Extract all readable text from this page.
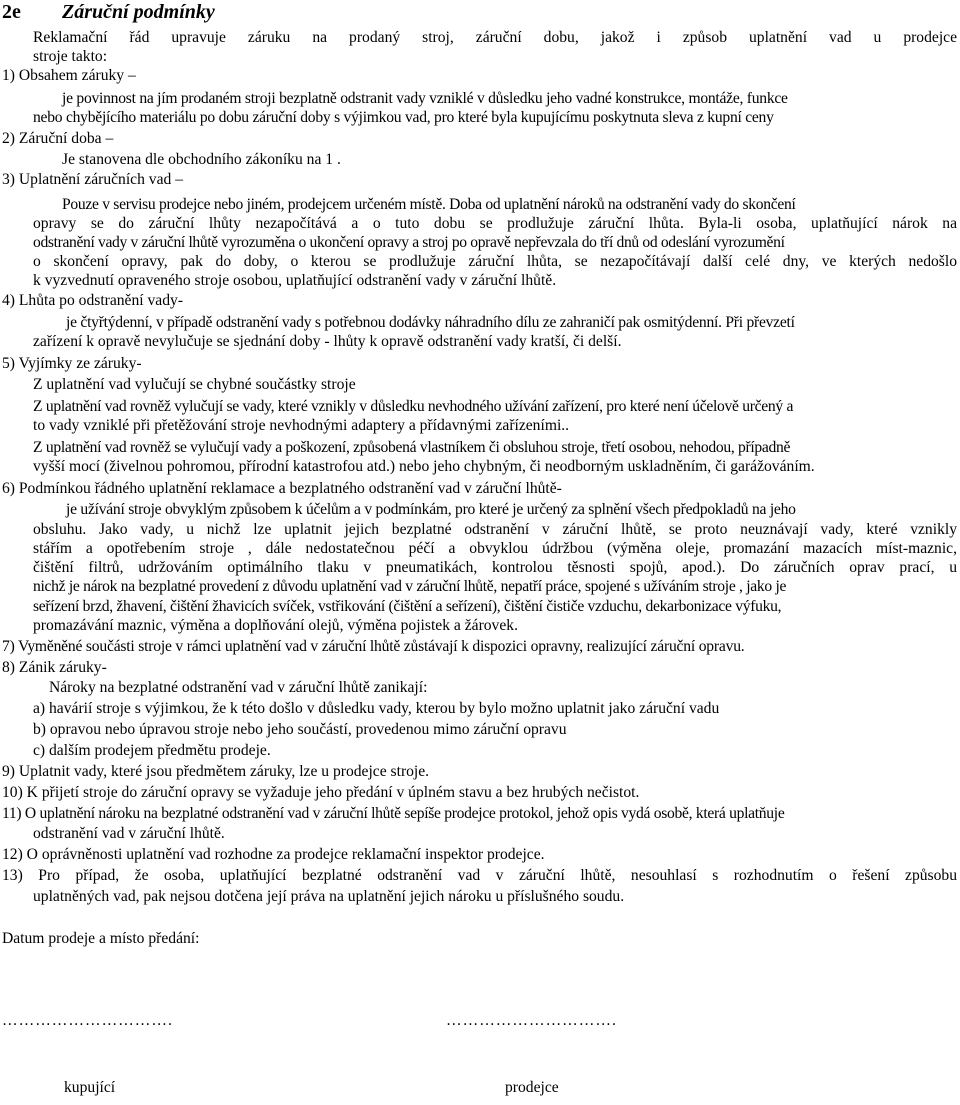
2e Záruční podmínky
Reklamační řád upravuje záruku na prodaný stroj, záruční dobu, jakož i způsob uplatnění vad u prodejce
stroje takto:
1) Obsahem záruky –
je povinnost na jím prodaném stroji bezplatně odstranit vady vzniklé v důsledku jeho vadné konstrukce, montáže, funkce
nebo chybějícího materiálu po dobu záruční doby s výjimkou vad, pro které byla kupujícímu poskytnuta sleva z kupní ceny
2) Záruční doba –
Je stanovena dle obchodního zákoníku na 1 .
3) Uplatnění záručních vad –
Pouze v servisu prodejce nebo jiném, prodejcem určeném místě. Doba od uplatnění nároků na odstranění vady do skončení
opravy se do záruční lhůty nezapočítává a o tuto dobu se prodlužuje záruční lhůta. Byla-li osoba, uplatňující nárok na
odstranění vady v záruční lhůtě vyrozuměna o ukončení opravy a stroj po opravě nepřevzala do tří dnů od odeslání vyrozumění
o skončení opravy, pak do doby, o kterou se prodlužuje záruční lhůta, se nezapočítávají další celé dny, ve kterých nedošlo
k vyzvednutí opraveného stroje osobou, uplatňující odstranění vady v záruční lhůtě.
4) Lhůta po odstranění vady-
je čtyřtýdenní, v případě odstranění vady s potřebnou dodávky náhradního dílu ze zahraničí pak osmitýdenní. Při převzetí
zařízení k opravě nevylučuje se sjednání doby - lhůty k opravě odstranění vady kratší, či delší.
5) Vyjímky ze záruky-
Z uplatnění vad vylučují se chybné součástky stroje
Z uplatnění vad rovněž vylučují se vady, které vznikly v důsledku nevhodného užívání zařízení, pro které není účelově určený a
to vady vzniklé při přetěžování stroje nevhodnými adaptery a přídavnými zařízeními..
Z uplatnění vad rovněž se vylučují vady a poškození, způsobená vlastníkem či obsluhou stroje, třetí osobou, nehodou, případně
vyšší mocí (živelnou pohromou, přírodní katastrofou atd.) nebo jeho chybným, či neodborným uskladněním, či garážováním.
6) Podmínkou řádného uplatnění reklamace a bezplatného odstranění vad v záruční lhůtě-
je užívání stroje obvyklým způsobem k účelům a v podmínkám, pro které je určený za splnění všech předpokladů na jeho
obsluhu. Jako vady, u nichž lze uplatnit jejich bezplatné odstranění v záruční lhůtě, se proto neuznávají vady, které vznikly
stářím a opotřebením stroje , dále nedostatečnou péčí a obvyklou údržbou (výměna oleje, promazání mazacích míst-maznic,
čištění filtrů, udržováním optimálního tlaku v pneumatikách, kontrolou těsnosti spojů, apod.). Do záručních oprav prací, u
nichž je nárok na bezplatné provedení z důvodu uplatnění vad v záruční lhůtě, nepatří práce, spojené s užíváním stroje , jako je
seřízení brzd, žhavení, čištění žhavicích svíček, vstřikování (čištění a seřízení), čištění čističe vzduchu, dekarbonizace výfuku,
promazávání maznic, výměna a doplňování olejů, výměna pojistek a žárovek.
7) Vyměněné součásti stroje v rámci uplatnění vad v záruční lhůtě zůstávají k dispozici opravny, realizující záruční opravu.
8) Zánik záruky-
Nároky na bezplatné odstranění vad v záruční lhůtě zanikají:
a) havárií stroje s výjimkou, že k této došlo v důsledku vady, kterou by bylo možno uplatnit jako záruční vadu
b) opravou nebo úpravou stroje nebo jeho součástí, provedenou mimo záruční opravu
c) dalším prodejem předmětu prodeje.
9) Uplatnit vady, které jsou předmětem záruky, lze u prodejce stroje.
10) K přijetí stroje do záruční opravy se vyžaduje jeho předání v úplném stavu a bez hrubých nečistot.
11) O uplatnění nároku na bezplatné odstranění vad v záruční lhůtě sepíše prodejce protokol, jehož opis vydá osobě, která uplatňuje
odstranění vad v záruční lhůtě.
12) O oprávněnosti uplatnění vad rozhodne za prodejce reklamační inspektor prodejce.
13) Pro případ, že osoba, uplatňující bezplatné odstranění vad v záruční lhůtě, nesouhlasí s rozhodnutím o řešení způsobu
uplatněných vad, pak nejsou dotčena její práva na uplatnění jejich nároku u příslušného soudu.
Datum prodeje a místo předání:
………………………….	………………………….
kupující	prodejce
